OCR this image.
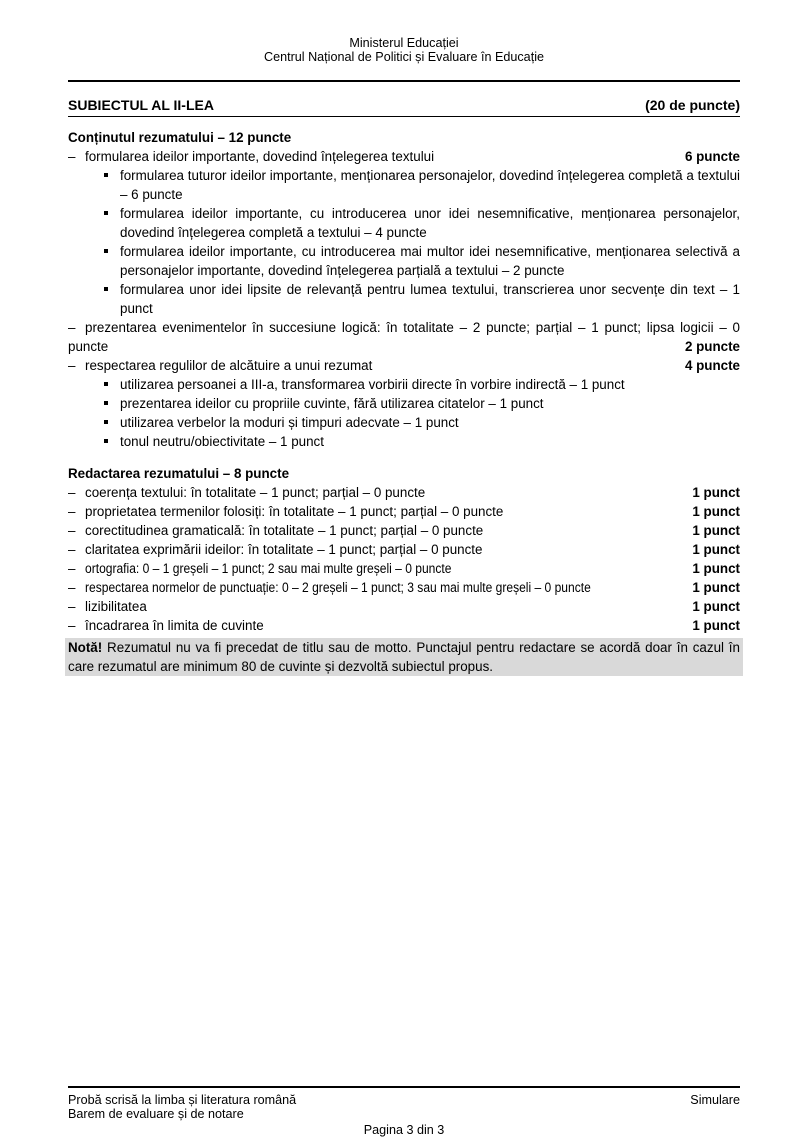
Ministerul Educației
Centrul Național de Politici și Evaluare în Educație
SUBIECTUL AL II-LEA	(20 de puncte)
Conținutul rezumatului – 12 puncte
– formularea ideilor importante, dovedind înțelegerea textului	6 puncte
formularea tuturor ideilor importante, menționarea personajelor, dovedind înțelegerea completă a textului – 6 puncte
formularea ideilor importante, cu introducerea unor idei nesemnificative, menționarea personajelor, dovedind înțelegerea completă a textului – 4 puncte
formularea ideilor importante, cu introducerea mai multor idei nesemnificative, menționarea selectivă a personajelor importante, dovedind înțelegerea parțială a textului – 2 puncte
formularea unor idei lipsite de relevanță pentru lumea textului, transcrierea unor secvențe din text – 1 punct
– prezentarea evenimentelor în succesiune logică: în totalitate – 2 puncte; parțial – 1 punct; lipsa logicii – 0 puncte	2 puncte
– respectarea regulilor de alcătuire a unui rezumat	4 puncte
utilizarea persoanei a III-a, transformarea vorbirii directe în vorbire indirectă – 1 punct
prezentarea ideilor cu propriile cuvinte, fără utilizarea citatelor – 1 punct
utilizarea verbelor la moduri și timpuri adecvate – 1 punct
tonul neutru/obiectivitate – 1 punct
Redactarea rezumatului – 8 puncte
– coerența textului: în totalitate – 1 punct; parțial – 0 puncte	1 punct
– proprietatea termenilor folosiți: în totalitate – 1 punct; parțial – 0 puncte	1 punct
– corectitudinea gramaticală: în totalitate – 1 punct; parțial – 0 puncte	1 punct
– claritatea exprimării ideilor: în totalitate – 1 punct; parțial – 0 puncte	1 punct
– ortografia: 0 – 1 greșeli – 1 punct; 2 sau mai multe greșeli – 0 puncte	1 punct
– respectarea normelor de punctuație: 0 – 2 greșeli – 1 punct; 3 sau mai multe greșeli – 0 puncte	1 punct
– lizibilitatea	1 punct
– încadrarea în limita de cuvinte	1 punct
Notă! Rezumatul nu va fi precedat de titlu sau de motto. Punctajul pentru redactare se acordă doar în cazul în care rezumatul are minimum 80 de cuvinte și dezvoltă subiectul propus.
Probă scrisă la limba și literatura română
Barem de evaluare și de notare
Simulare
Pagina 3 din 3
